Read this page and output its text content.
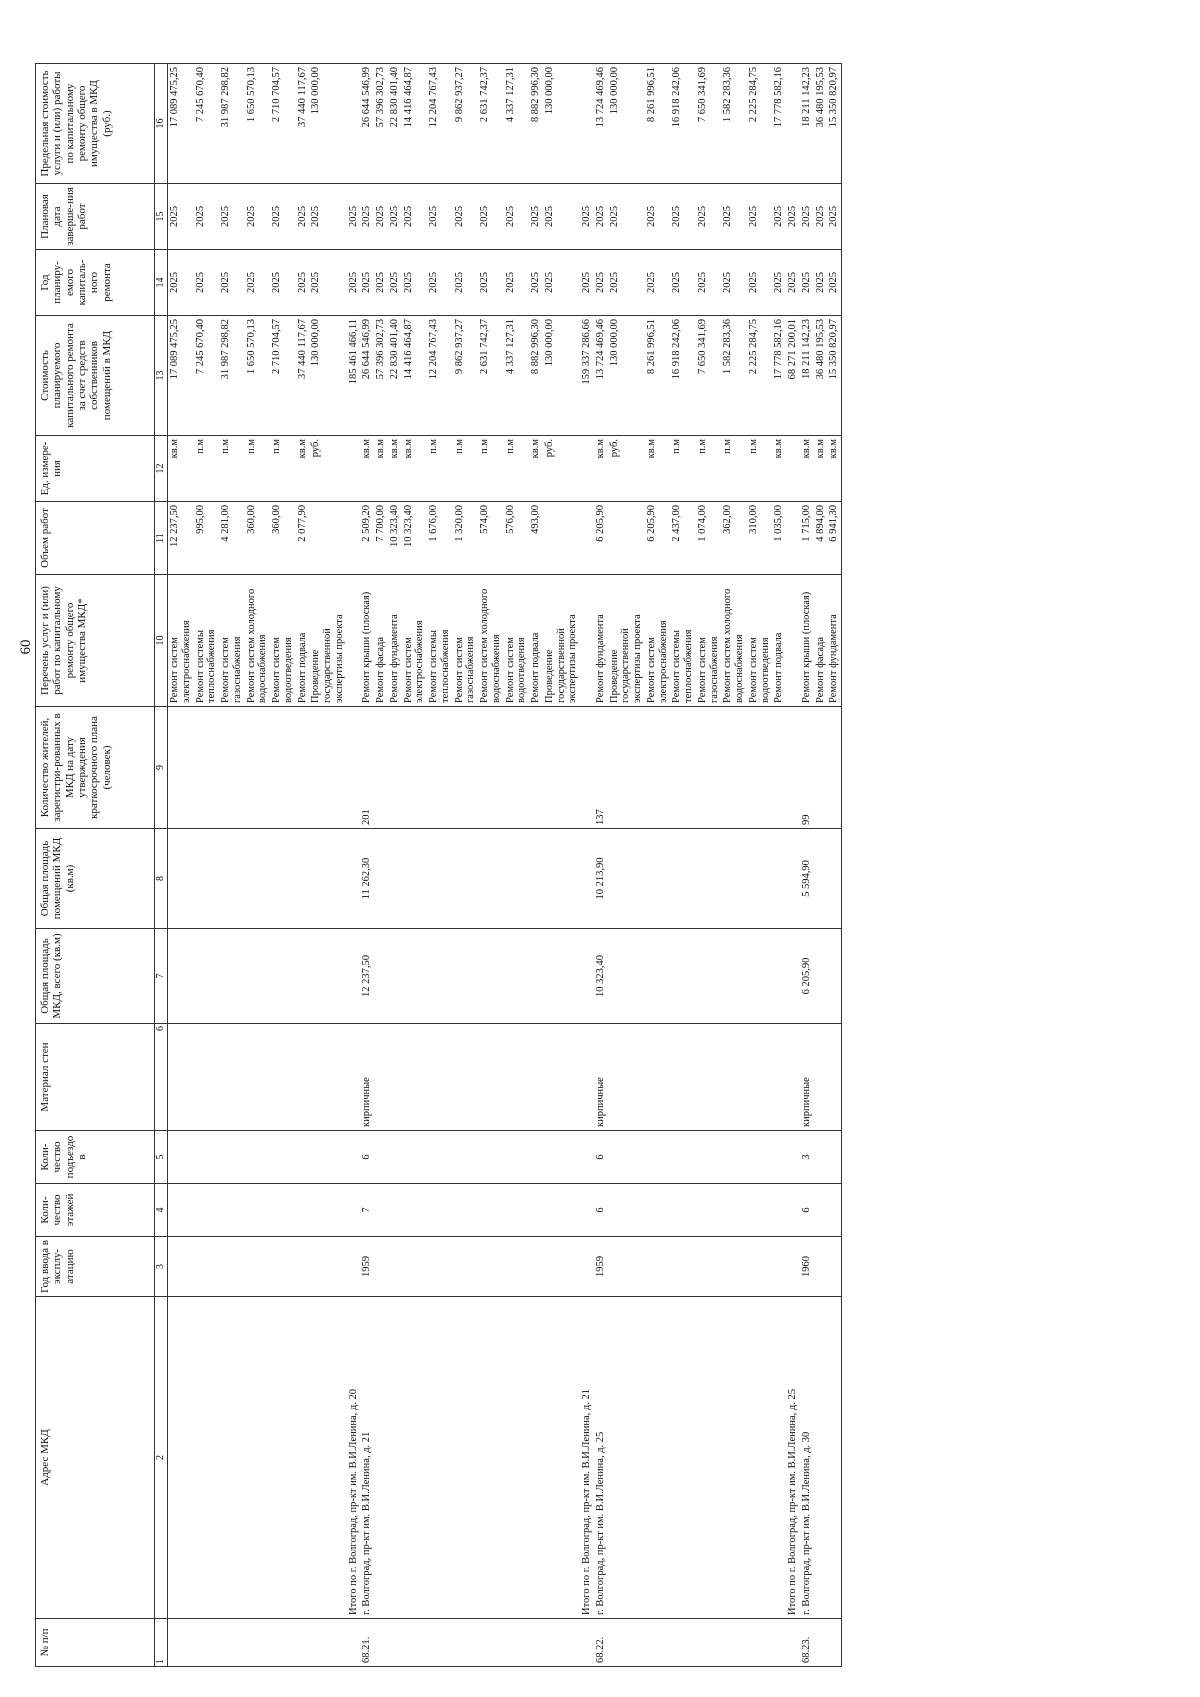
60
№ п/п	Адрес МКД	Год ввода в эксплу-атацию	Коли-чество этажей	Коли-чество подъездо в	Материал стен	Общая площадь МКД, всего (кв.м)	Общая площадь помещений МКД (кв.м)	Количество жителей, зарегистри-рованных в МКД на дату утверждения краткосрочного плана (человек)	Перечень услуг и (или) работ по капитальному ремонту общего имущества МКД*	Объем работ	Ед. измере-ния	Стоимость планируемого капитального ремонта за счет средств собственников помещений в МКД	Год планиру-емого капиталь-ного ремонта	Плановая дата заверше-ния работ	Предельная стоимость услуги и (или) работы по капитальному ремонту общего имущества в МКД (руб.)
1	2	3	4	5	6	7	8	9	10	11	12	13	14	15	16
									Ремонт систем электроснабжения	12 237,50	кв.м	17 089 475,25	2025	2025	17 089 475,25
									Ремонт системы теплоснабжения	995,00	п.м	7 245 670,40	2025	2025	7 245 670,40
									Ремонт систем газоснабжения	4 281,00	п.м	31 987 298,82	2025	2025	31 987 298,82
									Ремонт систем холодного водоснабжения	360,00	п.м	1 650 570,13	2025	2025	1 650 570,13
									Ремонт систем водоотведения	360,00	п.м	2 710 704,57	2025	2025	2 710 704,57
									Ремонт подвала	2 077,90	кв.м	37 440 117,67	2025	2025	37 440 117,67
									Проведение государственной экспертизы проекта		руб.	130 000,00	2025	2025	130 000,00
	Итого по г. Волгоград, пр-кт им. В.И.Ленина, д. 20											185 461 466,11	2025	2025	
68.21.	г. Волгоград, пр-кт им. В.И.Ленина, д. 21	1959	7	6	кирпичные	12 237,50	11 262,30	201	Ремонт крыши (плоская)	2 509,20	кв.м	26 644 546,99	2025	2025	26 644 546,99
									Ремонт фасада	7 700,00	кв.м	57 396 302,73	2025	2025	57 396 302,73
									Ремонт фундамента	10 323,40	кв.м	22 830 401,40	2025	2025	22 830 401,40
									Ремонт систем электроснабжения	10 323,40	кв.м	14 416 464,87	2025	2025	14 416 464,87
									Ремонт системы теплоснабжения	1 676,00	п.м	12 204 767,43	2025	2025	12 204 767,43
									Ремонт систем газоснабжения	1 320,00	п.м	9 862 937,27	2025	2025	9 862 937,27
									Ремонт систем холодного водоснабжения	574,00	п.м	2 631 742,37	2025	2025	2 631 742,37
									Ремонт систем водоотведения	576,00	п.м	4 337 127,31	2025	2025	4 337 127,31
									Ремонт подвала	493,00	кв.м	8 882 996,30	2025	2025	8 882 996,30
									Проведение государственной экспертизы проекта		руб.	130 000,00	2025	2025	130 000,00
	Итого по г. Волгоград, пр-кт им. В.И.Ленина, д. 21											159 337 286,66	2025	2025	
68.22.	г. Волгоград, пр-кт им. В.И.Ленина, д. 25	1959	6	6	кирпичные	10 323,40	10 213,90	137	Ремонт фундамента	6 205,90	кв.м	13 724 469,46	2025	2025	13 724 469,46
									Проведение государственной экспертизы проекта		руб.	130 000,00	2025	2025	130 000,00
									Ремонт систем электроснабжения	6 205,90	кв.м	8 261 996,51	2025	2025	8 261 996,51
									Ремонт системы теплоснабжения	2 437,00	п.м	16 918 242,06	2025	2025	16 918 242,06
									Ремонт систем газоснабжения	1 074,00	п.м	7 650 341,69	2025	2025	7 650 341,69
									Ремонт систем холодного водоснабжения	362,00	п.м	1 582 283,36	2025	2025	1 582 283,36
									Ремонт систем водоотведения	310,00	п.м	2 225 284,75	2025	2025	2 225 284,75
									Ремонт подвала	1 035,00	кв.м	17 778 582,16	2025	2025	17 778 582,16
	Итого по г. Волгоград, пр-кт им. В.И.Ленина, д. 25											68 271 200,01	2025	2025	
68.23.	г. Волгоград, пр-кт им. В.И.Ленина, д. 30	1960	6	3	кирпичные	6 205,90	5 594,90	99	Ремонт крыши (плоская)	1 715,00	кв.м	18 211 142,23	2025	2025	18 211 142,23
									Ремонт фасада	4 894,00	кв.м	36 480 195,53	2025	2025	36 480 195,53
									Ремонт фундамента	6 941,30	кв.м	15 350 820,97	2025	2025	15 350 820,97
